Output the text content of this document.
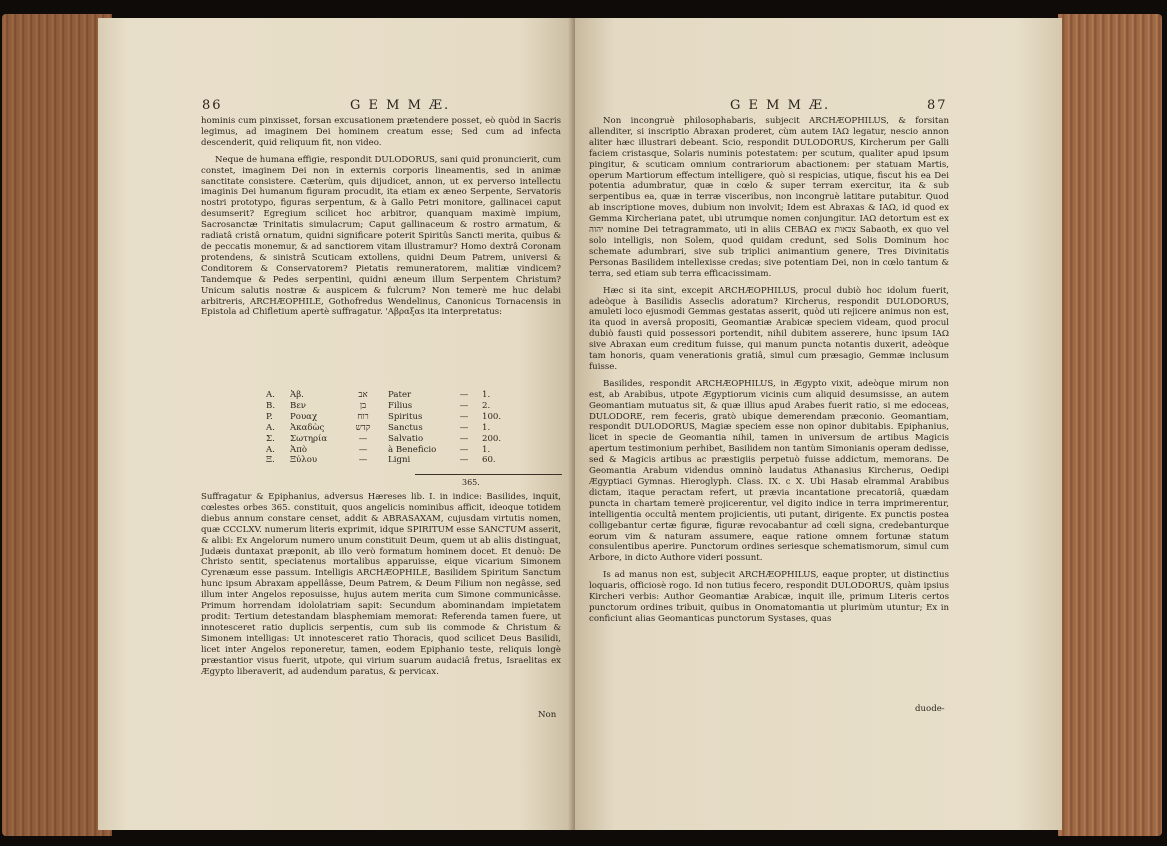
86	G E M M Æ.

hominis cum pinxisset, forsan excusationem prætendere posset, eò quòd in Sacris legimus, ad imaginem Dei hominem creatum esse; Sed cum ad infecta descenderit, quid reliquum fit, non video.

Neque de humana effigie, respondit DULODORUS, sani quid pronuncierit, cum constet, imaginem Dei non in externis corporis lineamentis, sed in animæ sanctitate consistere. Cæterùm, quis dijudicet, annon, ut ex perverso intellectu imaginis Dei humanum figuram procudit, ita etiam ex æneo Serpente, Servatoris nostri prototypo, figuras serpentum, & à Gallo Petri monitore, gallinacei caput desumserit? Egregium scilicet hoc arbitror, quanquam maximè impium, Sacrosanctæ Trinitatis simulacrum; Caput gallinaceum & rostro armatum, & radiatâ cristâ ornatum, quidni significare poterit Spiritûs Sancti merita, quibus & de peccatis monemur, & ad sanctiorem vitam illustramur? Homo dextrâ Coronam protendens, & sinistrâ Scuticam extollens, quidni Deum Patrem, universi & Conditorem & Conservatorem? Pietatis remuneratorem, malitiæ vindicem? Tandemque & Pedes serpentini, quidni æneum illum Serpentem Christum? Unicum salutis nostræ & auspicem & fulcrum? Non temerè me huc delabi arbitreris, ARCHÆOPHILE, Gothofredus Wendelinus, Canonicus Tornacensis in Epistola ad Chifletium apertè suffragatur. 'Αβραξαs ita interpretatus:

A.	Ἀβ.	אב	Pater	—	1.
B.	Βεν	בן	Filius	—	2.
P.	Ρουαχ	רוח	Spiritus	—	100.
A.	Ἀκαδὼς	קדש	Sanctus	—	1.
Σ.	Σωτηρία	—	Salvatio	—	200.
A.	Ἀπὸ	—	à Beneficio	—	1.
Ξ.	Ξύλου	—	Ligni	—	60.
365.

Suffragatur & Epiphanius, adversus Hæreses lib. I. in indice: Basilides, inquit, cœlestes orbes 365. constituit, quos angelicis nominibus afficit, ideoque totidem diebus annum constare censet, addit & ABRASAXAM, cujusdam virtutis nomen, quæ CCCLXV. numerum literis exprimit, idque SPIRITUM esse SANCTUM asserit, & alibi: Ex Angelorum numero unum constituit Deum, quem ut ab aliis distinguat, Judæis duntaxat præponit, ab illo verò formatum hominem docet. Et denuò: De Christo sentit, speciatenus mortalibus apparuisse, eique vicarium Simonem Cyrenæum esse passum. Intelligis ARCHÆOPHILE, Basilidem Spiritum Sanctum hunc ipsum Abraxam appellâsse, Deum Patrem, & Deum Filium non negâsse, sed illum inter Angelos reposuisse, hujus autem merita cum Simone communicâsse. Primum horrendam idololatriam sapit: Secundum abominandam impietatem prodit: Tertium detestandam blasphemiam memorat: Referenda tamen fuere, ut innotesceret ratio duplicis serpentis, cum sub iis commode & Christum & Simonem intelligas: Ut innotesceret ratio Thoracis, quod scilicet Deus Basilidi, licet inter Angelos reponeretur, tamen, eodem Epiphanio teste, reliquis longè præstantior visus fuerit, utpote, qui virium suarum audaciâ fretus, Israelitas ex Ægypto liberaverit, ad audendum paratus, & pervicax.

Non
G E M M Æ.	87

Non incongruè philosophabaris, subjecit ARCHÆOPHILUS, & forsitan allenditer, si inscriptio Abraxan proderet, cùm autem IAΩ legatur, nescio annon aliter hæc illustrari debeant. Scio, respondit DULODORUS, Kircherum per Galli faciem cristasque, Solaris numinis potestatem: per scutum, qualiter apud ipsum pingitur, & scuticam omnium contrariorum abactionem: per statuam Martis, operum Martiorum effectum intelligere, quò si respicias, utique, fiscut his ea Dei potentia adumbratur, quæ in cœlo & super terram exercitur, ita & sub serpentibus ea, quæ in terræ visceribus, non incongruè latitare putabitur. Quod ab inscriptione moves, dubium non involvit; Idem est Abraxas & IAΩ, id quod ex Gemma Kircheriana patet, ubi utrumque nomen conjungitur. IAΩ detortum est ex יהוה nomine Dei tetragrammato, uti in aliis CEBAΩ ex צבאות Sabaoth, ex quo vel solo intelligis, non Solem, quod quidam credunt, sed Solis Dominum hoc schemate adumbrari, sive sub triplici animantium genere, Tres Divinitatis Personas Basilidem intellexisse credas; sive potentiam Dei, non in cœlo tantum & terra, sed etiam sub terra efficacissimam.

Hæc si ita sint, excepit ARCHÆOPHILUS, procul dubiò hoc idolum fuerit, adeòque à Basilidis Asseclis adoratum? Kircherus, respondit DULODORUS, amuleti loco ejusmodi Gemmas gestatas asserit, quòd uti rejicere animus non est, ita quod in aversâ propositi, Geomantiæ Arabicæ speciem videam, quod procul dubiò fausti quid possessori portendit, nihil dubitem asserere, hunc ipsum IAΩ sive Abraxan eum creditum fuisse, qui manum puncta notantis duxerit, adeòque tam honoris, quam venerationis gratiâ, simul cum præsagio, Gemmæ inclusum fuisse.

Basilides, respondit ARCHÆOPHILUS, in Ægypto vixit, adeòque mirum non est, ab Arabibus, utpote Ægyptiorum vicinis cum aliquid desumsisse, an autem Geomantiam mutuatus sit, & quæ illius apud Arabes fuerit ratio, si me edoceas, DULODORE, rem feceris, gratò ubique demerendam præconio. Geomantiam, respondit DULODORUS, Magiæ speciem esse non opinor dubitabis. Epiphanius, licet in specie de Geomantia nihil, tamen in universum de artibus Magicis apertum testimonium perhibet, Basilidem non tantùm Simonianis operam dedisse, sed & Magicis artibus ac præstigiis perpetuò fuisse addictum, memorans. De Geomantia Arabum videndus omninò laudatus Athanasius Kircherus, Oedipi Ægyptiaci Gymnas. Hieroglyph. Class. IX. c X. Ubi Hasab elrammal Arabibus dictam, itaque peractam refert, ut prævia incantatione precatoriâ, quædam puncta in chartam temerè projicerentur, vel digito indice in terra imprimerentur, intelligentia occultâ mentem projicientis, uti putant, dirigente. Ex punctis postea colligebantur certæ figuræ, figuræ revocabantur ad cœli signa, credebanturque eorum vim & naturam assumere, eaque ratione omnem fortunæ statum consulentibus aperire. Punctorum ordines seriesque schematismorum, simul cum Arbore, in dicto Authore videri possunt.

Is ad manus non est, subjecit ARCHÆOPHILUS, eaque propter, ut distinctius loquaris, officiosè rogo. Id non tutius fecero, respondit DULODORUS, quàm ipsius Kircheri verbis: Author Geomantiæ Arabicæ, inquit ille, primum Literis certos punctorum ordines tribuit, quibus in Onomatomantia ut plurimùm utuntur; Ex in conficiunt alias Geomanticas punctorum Systases, quas

duode-
